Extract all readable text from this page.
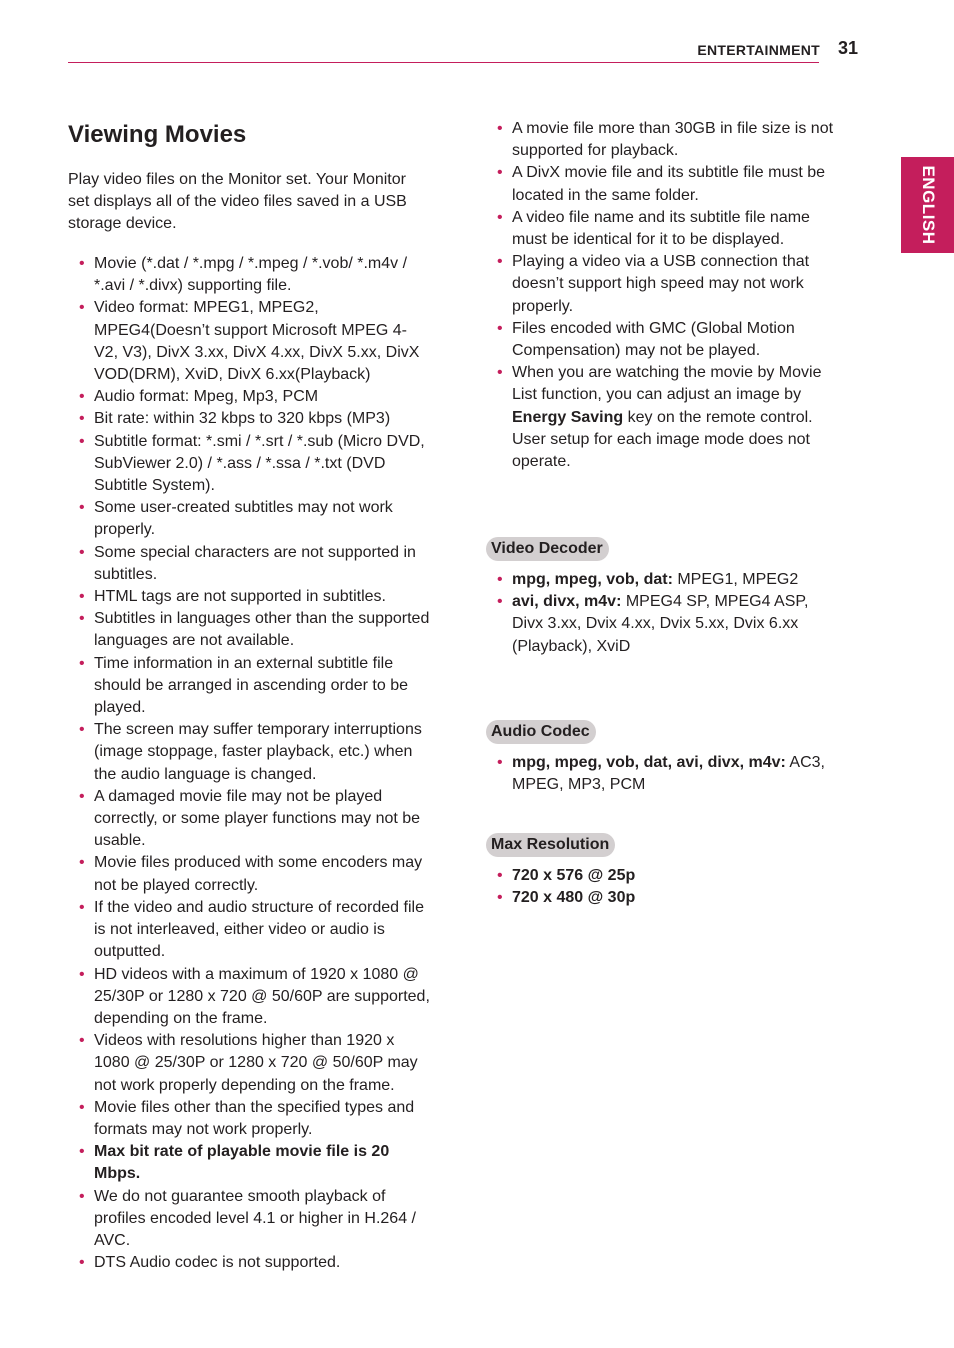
ENTERTAINMENT 31
ENGLISH
Viewing Movies

Play video files on the Monitor set. Your Monitor set displays all of the video files saved in a USB storage device.

• Movie (*.dat / *.mpg / *.mpeg / *.vob/ *.m4v / *.avi / *.divx) supporting file.
• Video format: MPEG1, MPEG2, MPEG4(Doesn’t support Microsoft MPEG 4-V2, V3), DivX 3.xx, DivX 4.xx, DivX 5.xx, DivX VOD(DRM), XviD, DivX 6.xx(Playback)
• Audio format: Mpeg, Mp3, PCM
• Bit rate: within 32 kbps to 320 kbps (MP3)
• Subtitle format: *.smi / *.srt / *.sub (Micro DVD, SubViewer 2.0) / *.ass / *.ssa / *.txt (DVD Subtitle System).
• Some user-created subtitles may not work properly.
• Some special characters are not supported in subtitles.
• HTML tags are not supported in subtitles.
• Subtitles in languages other than the supported languages are not available.
• Time information in an external subtitle file should be arranged in ascending order to be played.
• The screen may suffer temporary interruptions (image stoppage, faster playback, etc.) when the audio language is changed.
• A damaged movie file may not be played correctly, or some player functions may not be usable.
• Movie files produced with some encoders may not be played correctly.
• If the video and audio structure of recorded file is not interleaved, either video or audio is outputted.
• HD videos with a maximum of 1920 x 1080 @ 25/30P or 1280 x 720 @ 50/60P are supported, depending on the frame.
• Videos with resolutions higher than 1920 x 1080 @ 25/30P or 1280 x 720 @ 50/60P may not work properly depending on the frame.
• Movie files other than the specified types and formats may not work properly.
• Max bit rate of playable movie file is 20 Mbps.
• We do not guarantee smooth playback of profiles encoded level 4.1 or higher in H.264 / AVC.
• DTS Audio codec is not supported.
• A movie file more than 30GB in file size is not supported for playback.
• A DivX movie file and its subtitle file must be located in the same folder.
• A video file name and its subtitle file name must be identical for it to be displayed.
• Playing a video via a USB connection that doesn’t support high speed may not work properly.
• Files encoded with GMC (Global Motion Compensation) may not be played.
• When you are watching the movie by Movie List function, you can adjust an image by Energy Saving key on the remote control. User setup for each image mode does not operate.
Video Decoder
• mpg, mpeg, vob, dat: MPEG1, MPEG2
• avi, divx, m4v: MPEG4 SP, MPEG4 ASP, Divx 3.xx, Dvix 4.xx, Dvix 5.xx, Dvix 6.xx (Playback), XviD
Audio Codec
• mpg, mpeg, vob, dat, avi, divx, m4v: AC3, MPEG, MP3, PCM
Max Resolution
• 720 x 576 @ 25p
• 720 x 480 @ 30p
